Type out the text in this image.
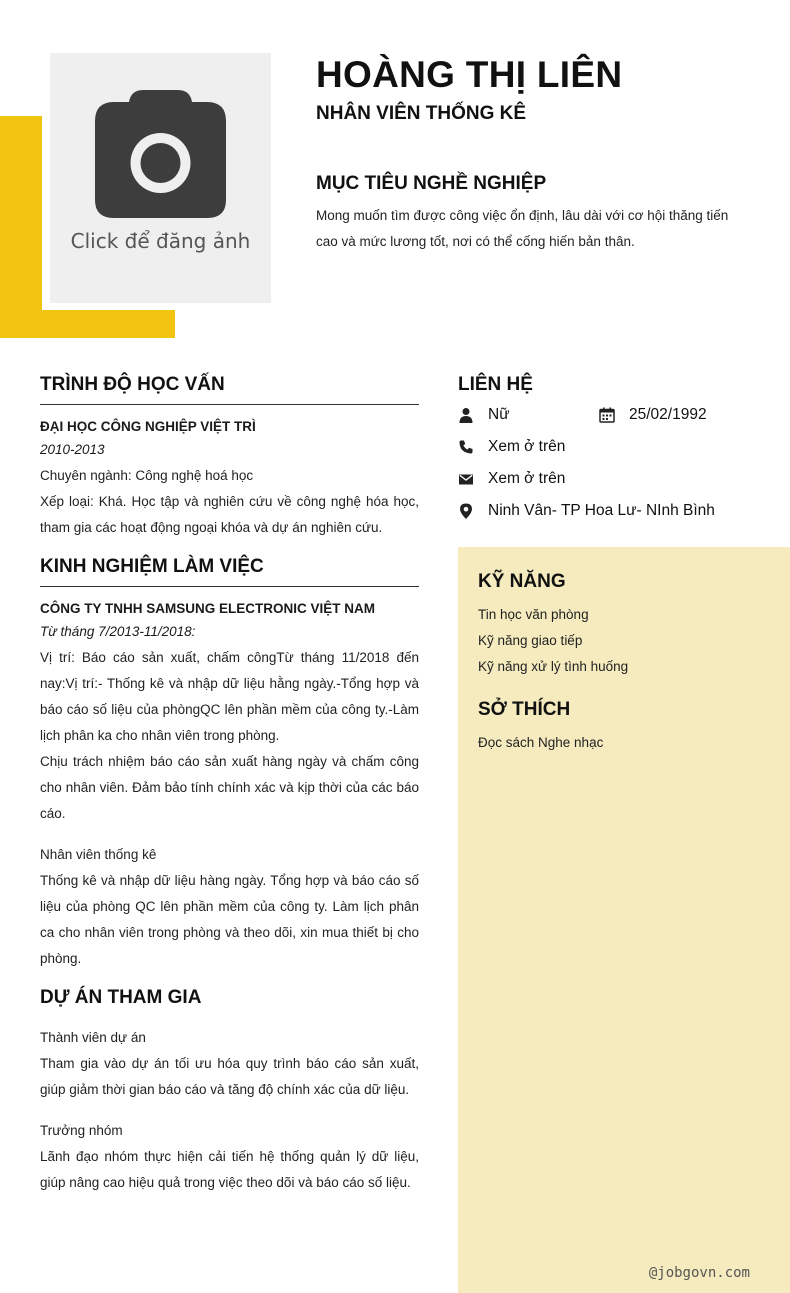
Click để đăng ảnh
HOÀNG THỊ LIÊN
NHÂN VIÊN THỐNG KÊ
MỤC TIÊU NGHỀ NGHIỆP
Mong muốn tìm được công việc ổn định, lâu dài với cơ hội thăng tiến cao và mức lương tốt, nơi có thể cống hiến bản thân.
TRÌNH ĐỘ HỌC VẤN
ĐẠI HỌC CÔNG NGHIỆP VIỆT TRÌ
2010-2013
Chuyên ngành: Công nghệ hoá học
Xếp loại: Khá. Học tập và nghiên cứu về công nghệ hóa học, tham gia các hoạt động ngoại khóa và dự án nghiên cứu.
KINH NGHIỆM LÀM VIỆC
CÔNG TY TNHH SAMSUNG ELECTRONIC VIỆT NAM
Từ tháng 7/2013-11/2018:
Vị trí: Báo cáo sản xuất, chấm côngTừ tháng 11/2018 đến nay:Vị trí:- Thống kê và nhập dữ liệu hằng ngày.-Tổng hợp và báo cáo số liệu của phòngQC lên phần mềm của công ty.-Làm lịch phân ka cho nhân viên trong phòng.
Chịu trách nhiệm báo cáo sản xuất hàng ngày và chấm công cho nhân viên. Đảm bảo tính chính xác và kịp thời của các báo cáo.
Nhân viên thống kê
Thống kê và nhập dữ liệu hàng ngày. Tổng hợp và báo cáo số liệu của phòng QC lên phần mềm của công ty. Làm lịch phân ca cho nhân viên trong phòng và theo dõi, xin mua thiết bị cho phòng.
DỰ ÁN THAM GIA
Thành viên dự án
Tham gia vào dự án tối ưu hóa quy trình báo cáo sản xuất, giúp giảm thời gian báo cáo và tăng độ chính xác của dữ liệu.
Trưởng nhóm
Lãnh đạo nhóm thực hiện cải tiến hệ thống quản lý dữ liệu, giúp nâng cao hiệu quả trong việc theo dõi và báo cáo số liệu.
LIÊN HỆ
Nữ	25/02/1992
Xem ở trên
Xem ở trên
Ninh Vân- TP Hoa Lư- NInh Bình
KỸ NĂNG
Tin học văn phòng
Kỹ năng giao tiếp
Kỹ năng xử lý tình huống
SỞ THÍCH
Đọc sách Nghe nhạc
@jobgovn.com
